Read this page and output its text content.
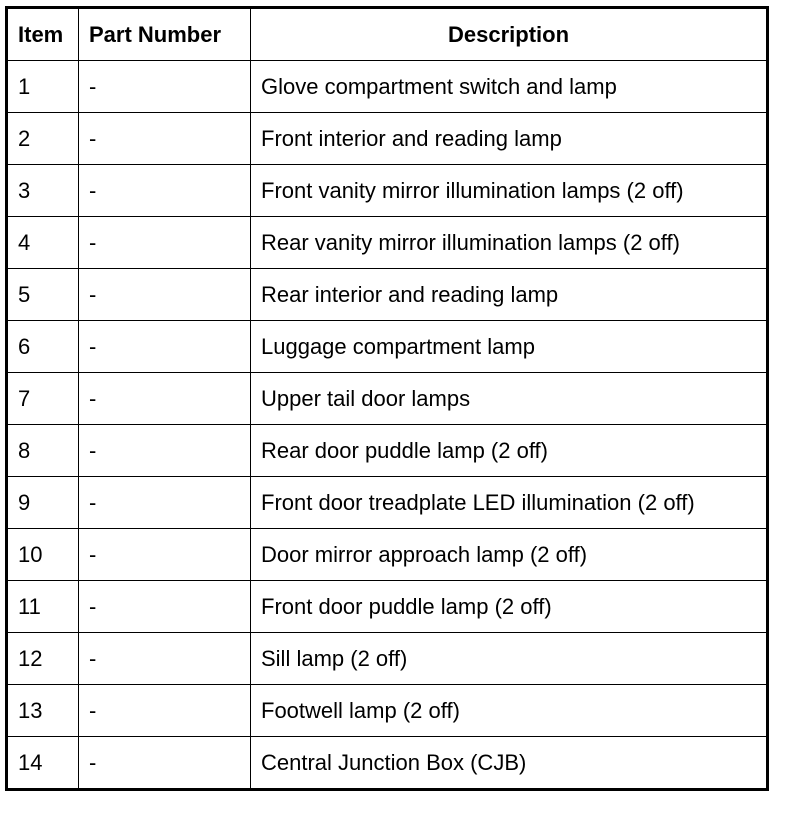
Item	Part Number	Description
1	-	Glove compartment switch and lamp
2	-	Front interior and reading lamp
3	-	Front vanity mirror illumination lamps (2 off)
4	-	Rear vanity mirror illumination lamps (2 off)
5	-	Rear interior and reading lamp
6	-	Luggage compartment lamp
7	-	Upper tail door lamps
8	-	Rear door puddle lamp (2 off)
9	-	Front door treadplate LED illumination (2 off)
10	-	Door mirror approach lamp (2 off)
11	-	Front door puddle lamp (2 off)
12	-	Sill lamp (2 off)
13	-	Footwell lamp (2 off)
14	-	Central Junction Box (CJB)
